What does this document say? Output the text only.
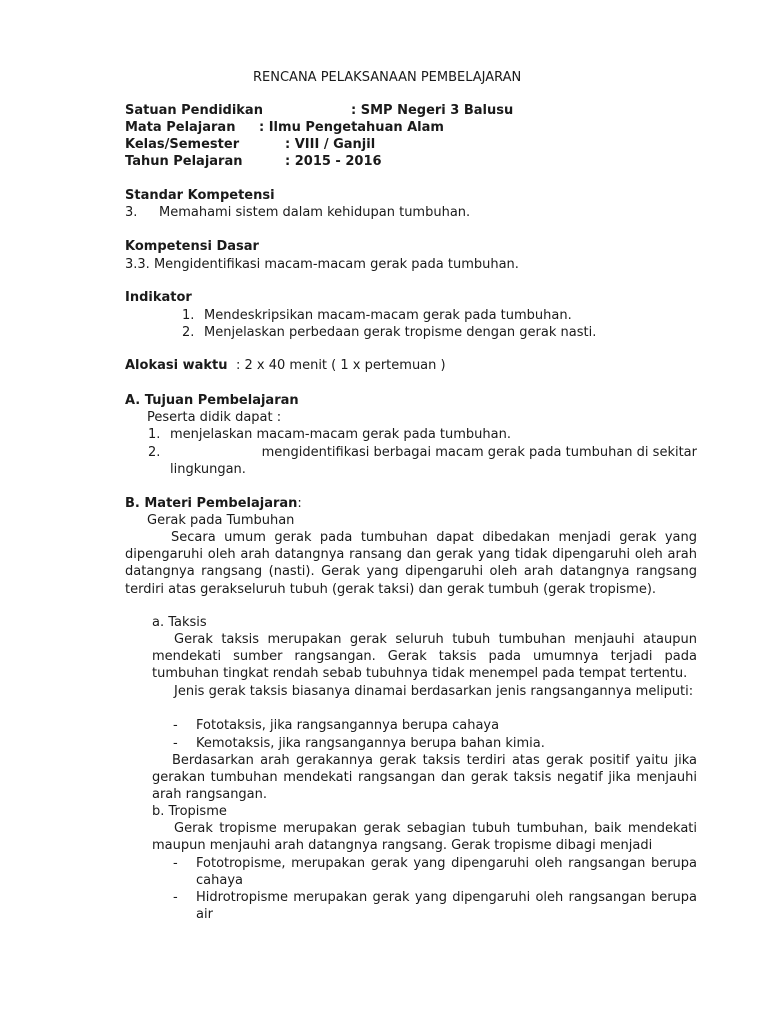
RENCANA PELAKSANAAN PEMBELAJARAN
Satuan Pendidikan	: SMP Negeri 3 Balusu
Mata Pelajaran : Ilmu Pengetahuan Alam
Kelas/Semester	: VIII / Ganjil
Tahun Pelajaran	: 2015 - 2016
Standar Kompetensi
3. Memahami sistem dalam kehidupan tumbuhan.
Kompetensi Dasar
3.3. Mengidentifikasi macam-macam gerak pada tumbuhan.
Indikator
1. Mendeskripsikan macam-macam gerak pada tumbuhan.
2. Menjelaskan perbedaan gerak tropisme dengan gerak nasti.
Alokasi waktu : 2 x 40 menit ( 1 x pertemuan )
A. Tujuan Pembelajaran
Peserta didik dapat :
1. menjelaskan macam-macam gerak pada tumbuhan.
2.	mengidentifikasi berbagai macam gerak pada tumbuhan di sekitar
lingkungan.
B. Materi Pembelajaran:
Gerak pada Tumbuhan
Secara umum gerak pada tumbuhan dapat dibedakan menjadi gerak yang dipengaruhi oleh arah datangnya ransang dan gerak yang tidak dipengaruhi oleh arah datangnya rangsang (nasti). Gerak yang dipengaruhi oleh arah datangnya rangsang terdiri atas gerakseluruh tubuh (gerak taksi) dan gerak tumbuh (gerak tropisme).
a. Taksis
Gerak taksis merupakan gerak seluruh tubuh tumbuhan menjauhi ataupun mendekati sumber rangsangan. Gerak taksis pada umumnya terjadi pada tumbuhan tingkat rendah sebab tubuhnya tidak menempel pada tempat tertentu.
Jenis gerak taksis biasanya dinamai berdasarkan jenis rangsangannya meliputi:
- Fototaksis, jika rangsangannya berupa cahaya
- Kemotaksis, jika rangsangannya berupa bahan kimia.
Berdasarkan arah gerakannya gerak taksis terdiri atas gerak positif yaitu jika gerakan tumbuhan mendekati rangsangan dan gerak taksis negatif jika menjauhi arah rangsangan.
b. Tropisme
Gerak tropisme merupakan gerak sebagian tubuh tumbuhan, baik mendekati maupun menjauhi arah datangnya rangsang. Gerak tropisme dibagi menjadi
- Fototropisme, merupakan gerak yang dipengaruhi oleh rangsangan berupa cahaya
- Hidrotropisme merupakan gerak yang dipengaruhi oleh rangsangan berupa air
